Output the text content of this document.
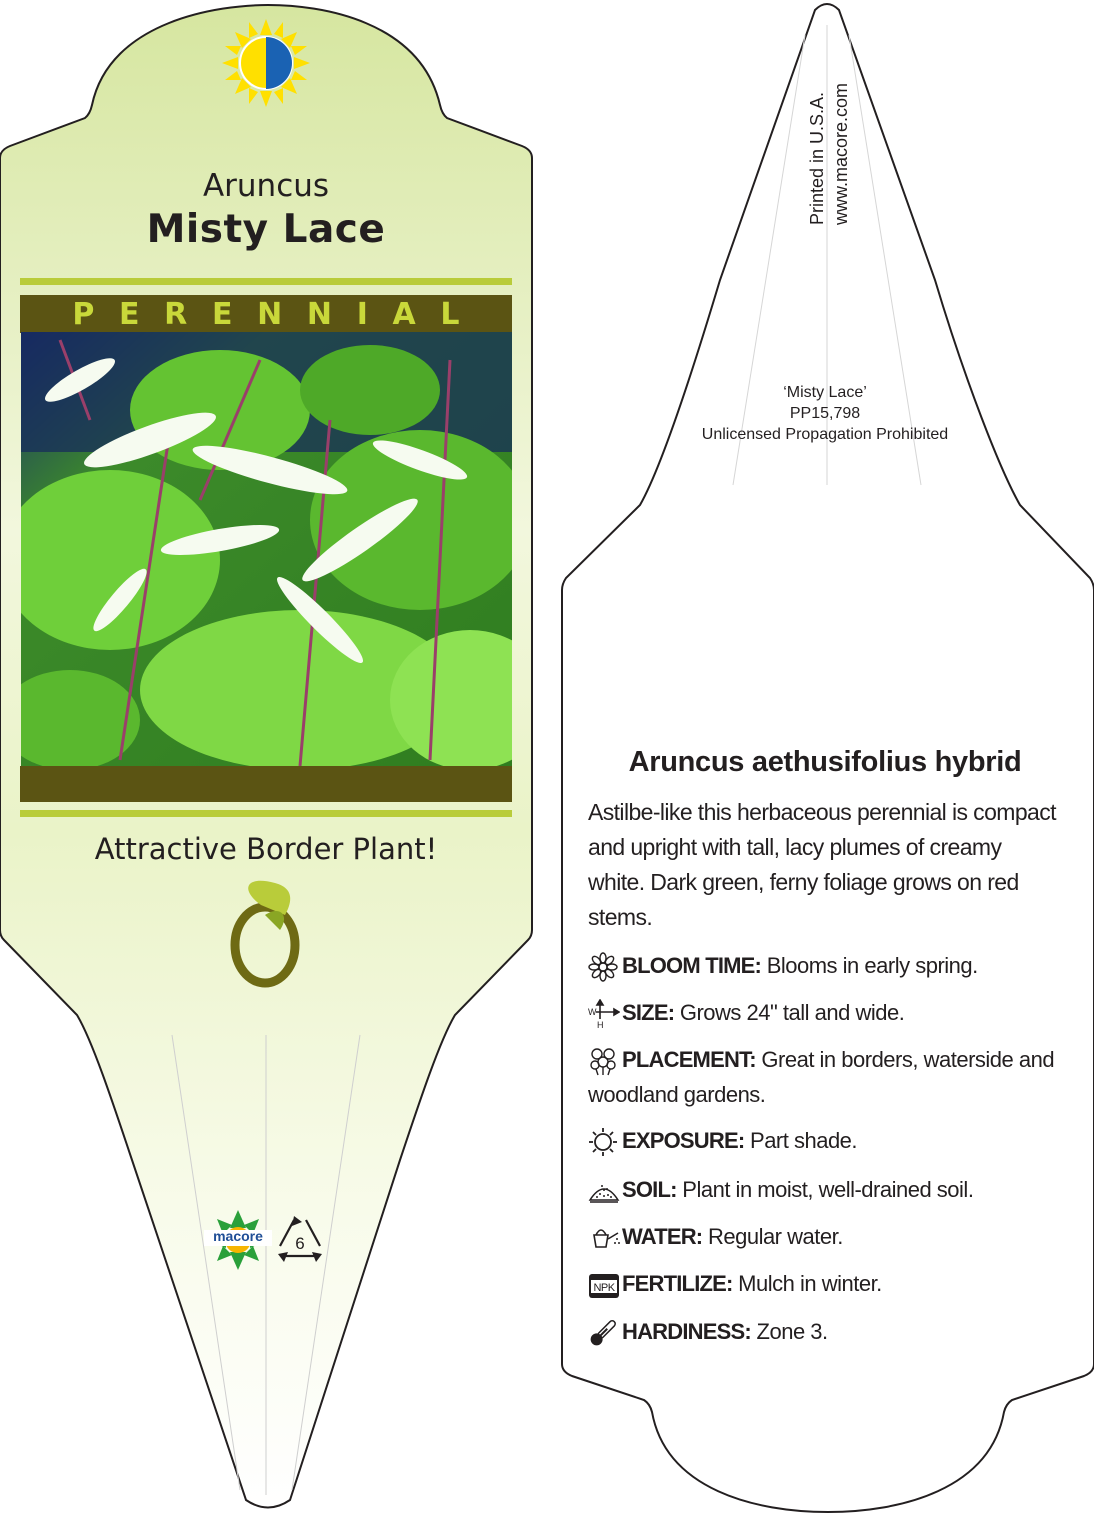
Aruncus
Misty Lace
P E R E N N I A L
Attractive Border Plant!
macore	6
Printed in U.S.A. www.macore.com
‘Misty Lace’
PP15,798
Unlicensed Propagation Prohibited
Aruncus aethusifolius hybrid
Astilbe-like this herbaceous perennial is compact and upright with tall, lacy plumes of creamy white. Dark green, ferny foliage grows on red stems.
BLOOM TIME: Blooms in early spring.
W
H
SIZE: Grows 24" tall and wide.
PLACEMENT: Great in borders, waterside and woodland gardens.
EXPOSURE: Part shade.
SOIL: Plant in moist, well-drained soil.
WATER: Regular water.
NPK FERTILIZE: Mulch in winter.
HARDINESS: Zone 3.
